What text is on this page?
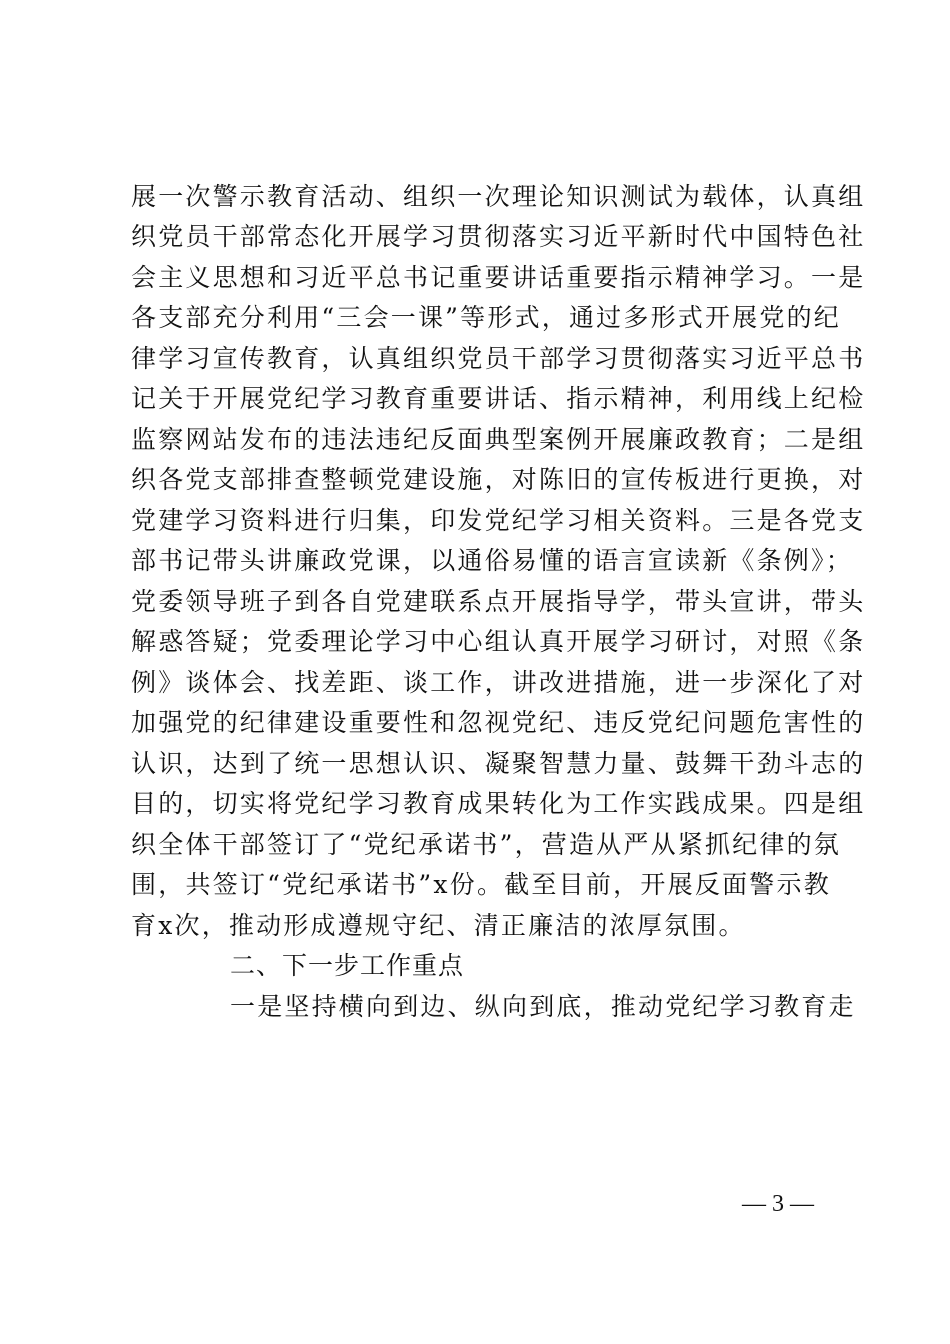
展一次警示教育活动、组织一次理论知识测试为载体，认真组
织党员干部常态化开展学习贯彻落实习近平新时代中国特色社
会主义思想和习近平总书记重要讲话重要指示精神学习。一是
各支部充分利用“三会一课”等形式，通过多形式开展党的纪
律学习宣传教育，认真组织党员干部学习贯彻落实习近平总书
记关于开展党纪学习教育重要讲话、指示精神，利用线上纪检
监察网站发布的违法违纪反面典型案例开展廉政教育；二是组
织各党支部排查整顿党建设施，对陈旧的宣传板进行更换，对
党建学习资料进行归集，印发党纪学习相关资料。三是各党支
部书记带头讲廉政党课，以通俗易懂的语言宣读新《条例》；
党委领导班子到各自党建联系点开展指导学，带头宣讲，带头
解惑答疑；党委理论学习中心组认真开展学习研讨，对照《条
例》谈体会、找差距、谈工作，讲改进措施，进一步深化了对
加强党的纪律建设重要性和忽视党纪、违反党纪问题危害性的
认识，达到了统一思想认识、凝聚智慧力量、鼓舞干劲斗志的
目的，切实将党纪学习教育成果转化为工作实践成果。四是组
织全体干部签订了“党纪承诺书”，营造从严从紧抓纪律的氛
围，共签订“党纪承诺书”x份。截至目前，开展反面警示教
育x次，推动形成遵规守纪、清正廉洁的浓厚氛围。
二、下一步工作重点
一是坚持横向到边、纵向到底，推动党纪学习教育走
— 3 —
